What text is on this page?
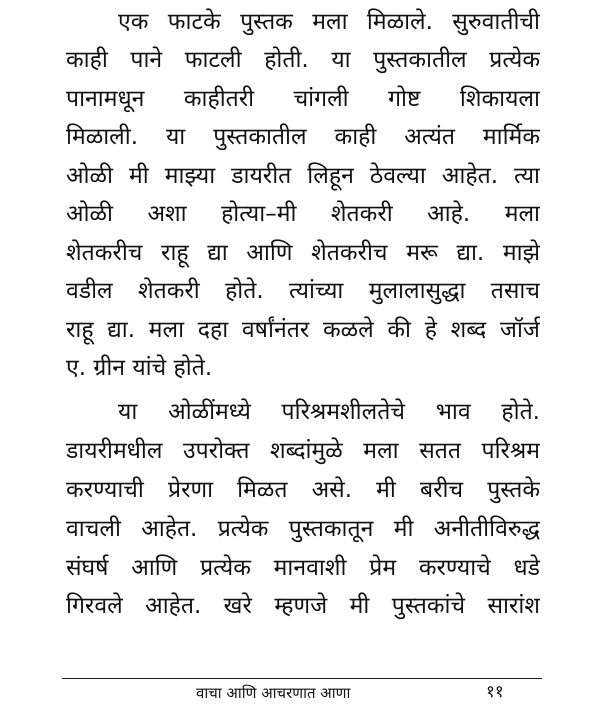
एक फाटके पुस्तक मला मिळाले. सुरुवातीची
काही पाने फाटली होती. या पुस्तकातील प्रत्येक
पानामधून काहीतरी चांगली गोष्ट शिकायला
मिळाली. या पुस्तकातील काही अत्यंत मार्मिक
ओळी मी माझ्या डायरीत लिहून ठेवल्या आहेत. त्या
ओळी अशा होत्या–मी शेतकरी आहे. मला
शेतकरीच राहू द्या आणि शेतकरीच मरू द्या. माझे
वडील शेतकरी होते. त्यांच्या मुलालासुद्धा तसाच
राहू द्या. मला दहा वर्षांनंतर कळले की हे शब्द जॉर्ज
ए. ग्रीन यांचे होते.
या ओळींमध्ये परिश्रमशीलतेचे भाव होते.
डायरीमधील उपरोक्त शब्दांमुळे मला सतत परिश्रम
करण्याची प्रेरणा मिळत असे. मी बरीच पुस्तके
वाचली आहेत. प्रत्येक पुस्तकातून मी अनीतीविरुद्ध
संघर्ष आणि प्रत्येक मानवाशी प्रेम करण्याचे धडे
गिरवले आहेत. खरे म्हणजे मी पुस्तकांचे सारांश
वाचा आणि आचरणात आणा	११
